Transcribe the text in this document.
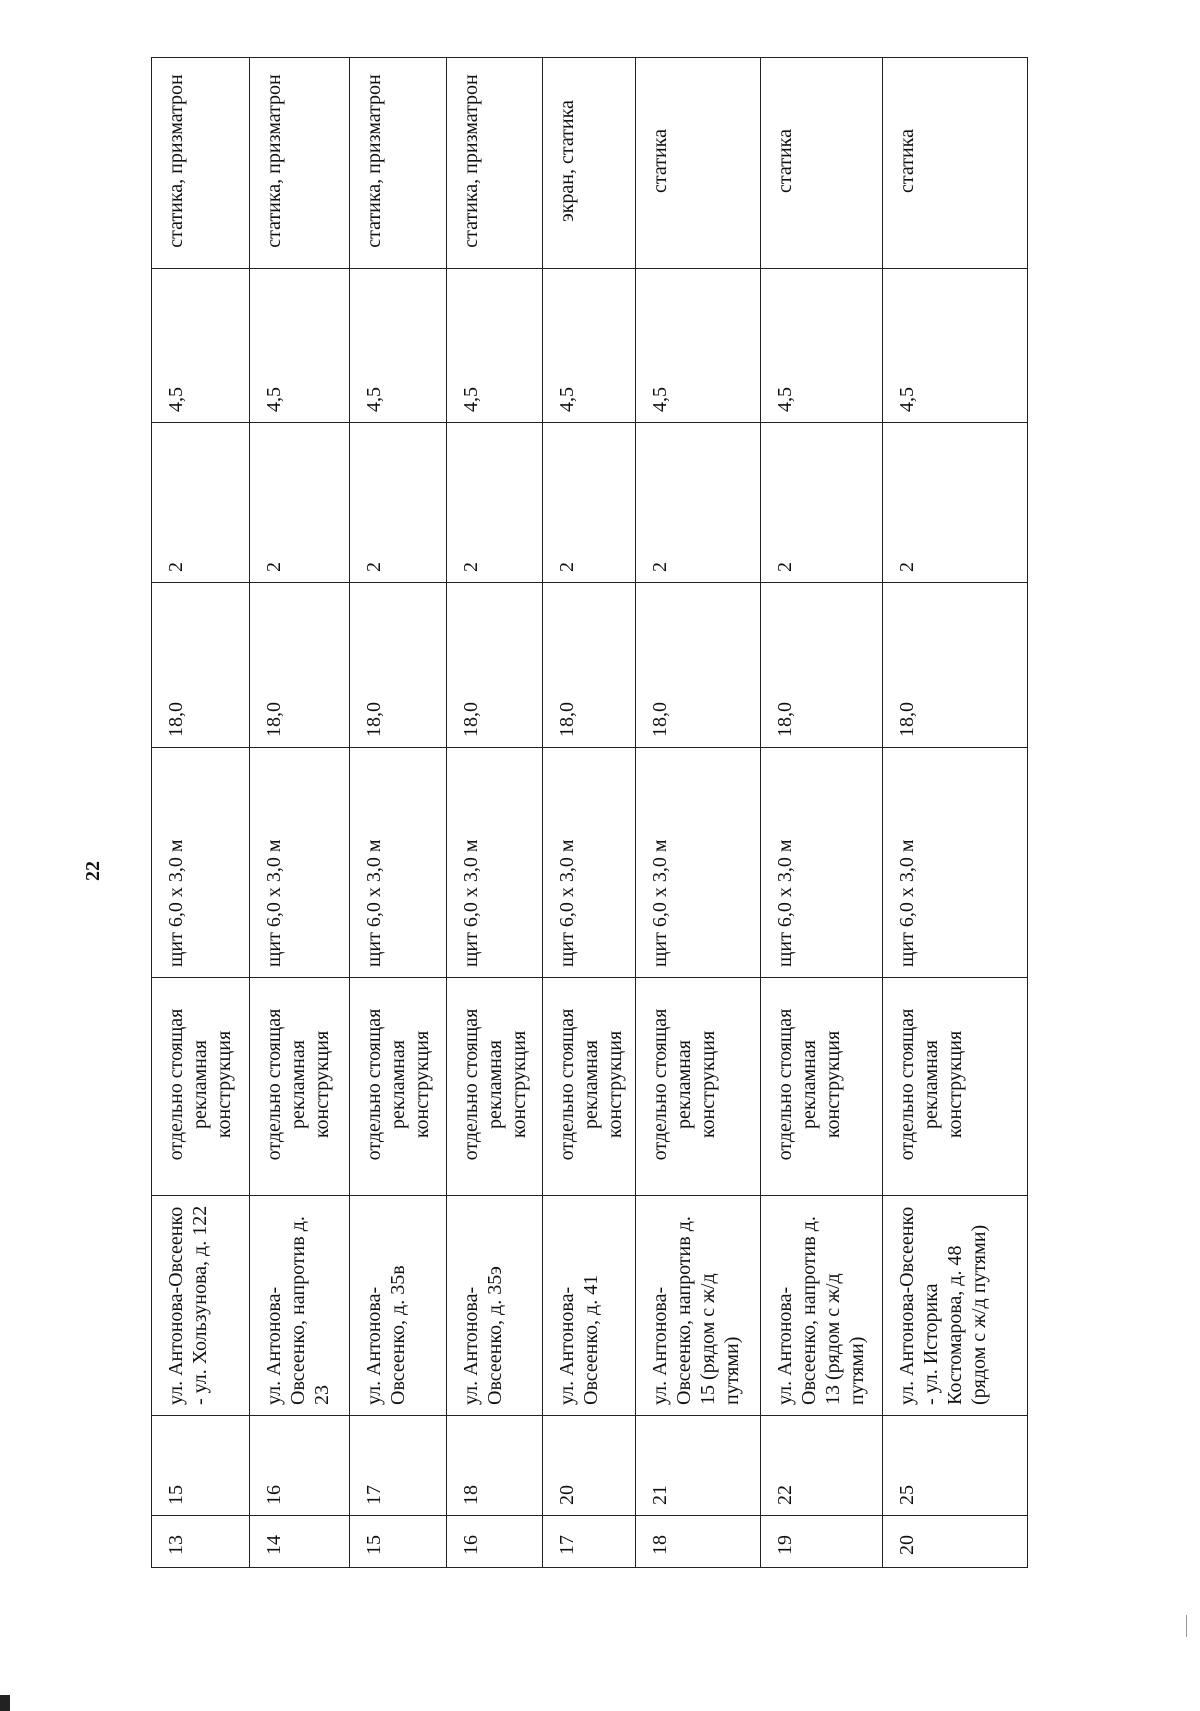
22
13	15	ул. Антонова-Овсеенко - ул. Хользунова, д. 122	отдельно стоящая рекламная конструкция	щит 6,0 х 3,0 м	18,0	2	4,5	статика, призматрон
14	16	ул. Антонова-Овсеенко, напротив д. 23	отдельно стоящая рекламная конструкция	щит 6,0 х 3,0 м	18,0	2	4,5	статика, призматрон
15	17	ул. Антонова-Овсеенко, д. 35в	отдельно стоящая рекламная конструкция	щит 6,0 х 3,0 м	18,0	2	4,5	статика, призматрон
16	18	ул. Антонова-Овсеенко, д. 35э	отдельно стоящая рекламная конструкция	щит 6,0 х 3,0 м	18,0	2	4,5	статика, призматрон
17	20	ул. Антонова-Овсеенко, д. 41	отдельно стоящая рекламная конструкция	щит 6,0 х 3,0 м	18,0	2	4,5	экран, статика
18	21	ул. Антонова-Овсеенко, напротив д. 15 (рядом с ж/д путями)	отдельно стоящая рекламная конструкция	щит 6,0 х 3,0 м	18,0	2	4,5	статика
19	22	ул. Антонова-Овсеенко, напротив д. 13 (рядом с ж/д путями)	отдельно стоящая рекламная конструкция	щит 6,0 х 3,0 м	18,0	2	4,5	статика
20	25	ул. Антонова-Овсеенко - ул. Историка Костомарова, д. 48 (рядом с ж/д путями)	отдельно стоящая рекламная конструкция	щит 6,0 х 3,0 м	18,0	2	4,5	статика
